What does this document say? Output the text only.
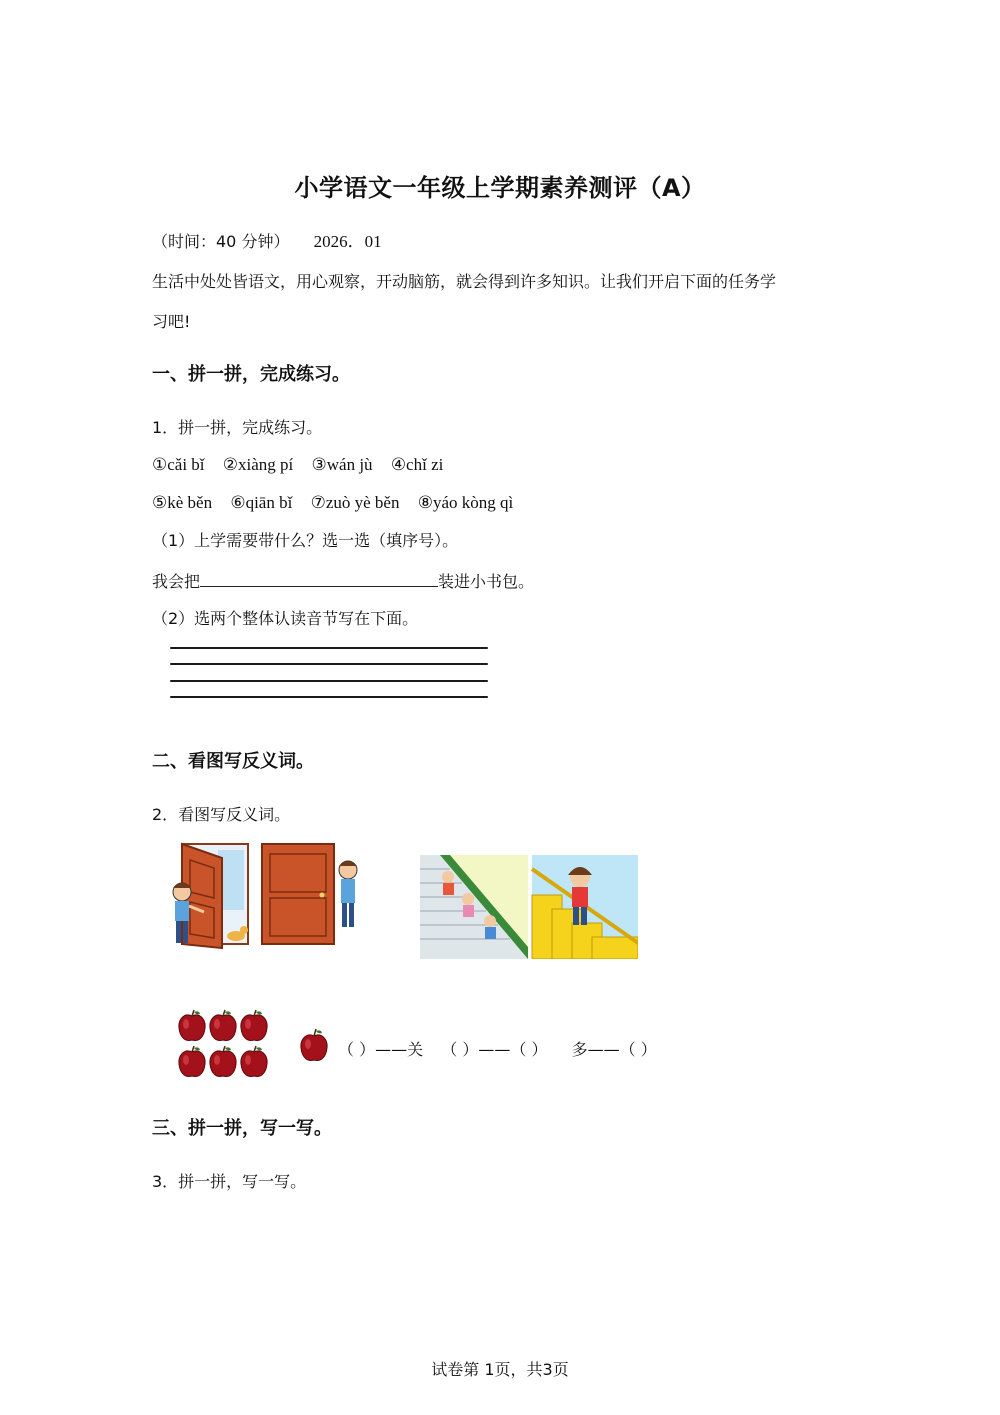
小学语文一年级上学期素养测评（A）
（时间：40 分钟） 2026．01
生活中处处皆语文，用心观察，开动脑筋，就会得到许多知识。让我们开启下面的任务学
习吧!
一、拼一拼，完成练习。
1．拼一拼，完成练习。
①cǎi bǐ ②xiàng pí ③wán jù ④chǐ zi
⑤kè běn ⑥qiān bǐ ⑦zuò yè běn ⑧yáo kòng qì
（1）上学需要带什么？选一选（填序号）。
我会把	装进小书包。
（2）选两个整体认读音节写在下面。
二、看图写反义词。
2．看图写反义词。
（ ）——关 （ ）——（ ） 多——（ ）
三、拼一拼，写一写。
3．拼一拼，写一写。
试卷第 1页，共3页
